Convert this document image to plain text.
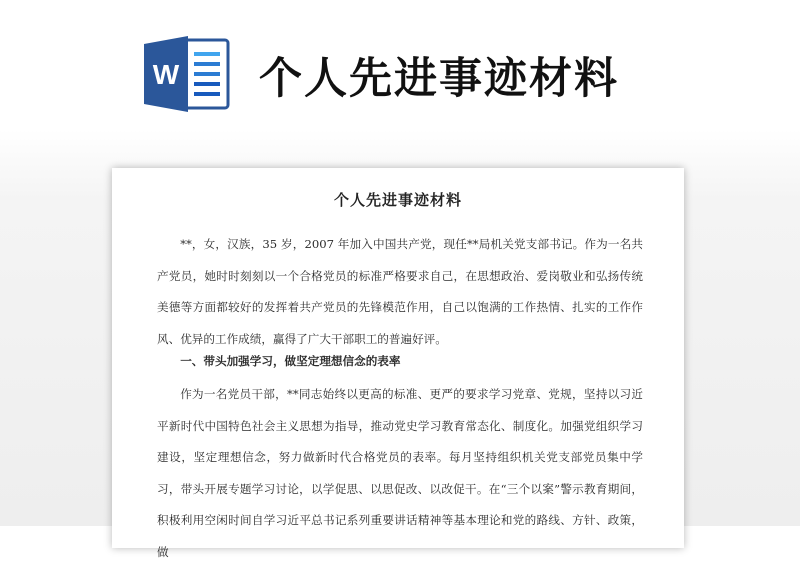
W 个人先进事迹材料
个人先进事迹材料

**，女，汉族，35 岁，2007 年加入中国共产党，现任**局机关党支部书记。作为一名共产党员，她时时刻刻以一个合格党员的标准严格要求自己，在思想政治、爱岗敬业和弘扬传统美德等方面都较好的发挥着共产党员的先锋模范作用，自己以饱满的工作热情、扎实的工作作风、优异的工作成绩，赢得了广大干部职工的普遍好评。

一、带头加强学习，做坚定理想信念的表率

作为一名党员干部，**同志始终以更高的标准、更严的要求学习党章、党规，坚持以习近平新时代中国特色社会主义思想为指导，推动党史学习教育常态化、制度化。加强党组织学习建设，坚定理想信念，努力做新时代合格党员的表率。每月坚持组织机关党支部党员集中学习，带头开展专题学习讨论，以学促思、以思促改、以改促干。在“三个以案”警示教育期间，积极利用空闲时间自学习近平总书记系列重要讲话精神等基本理论和党的路线、方针、政策，做
